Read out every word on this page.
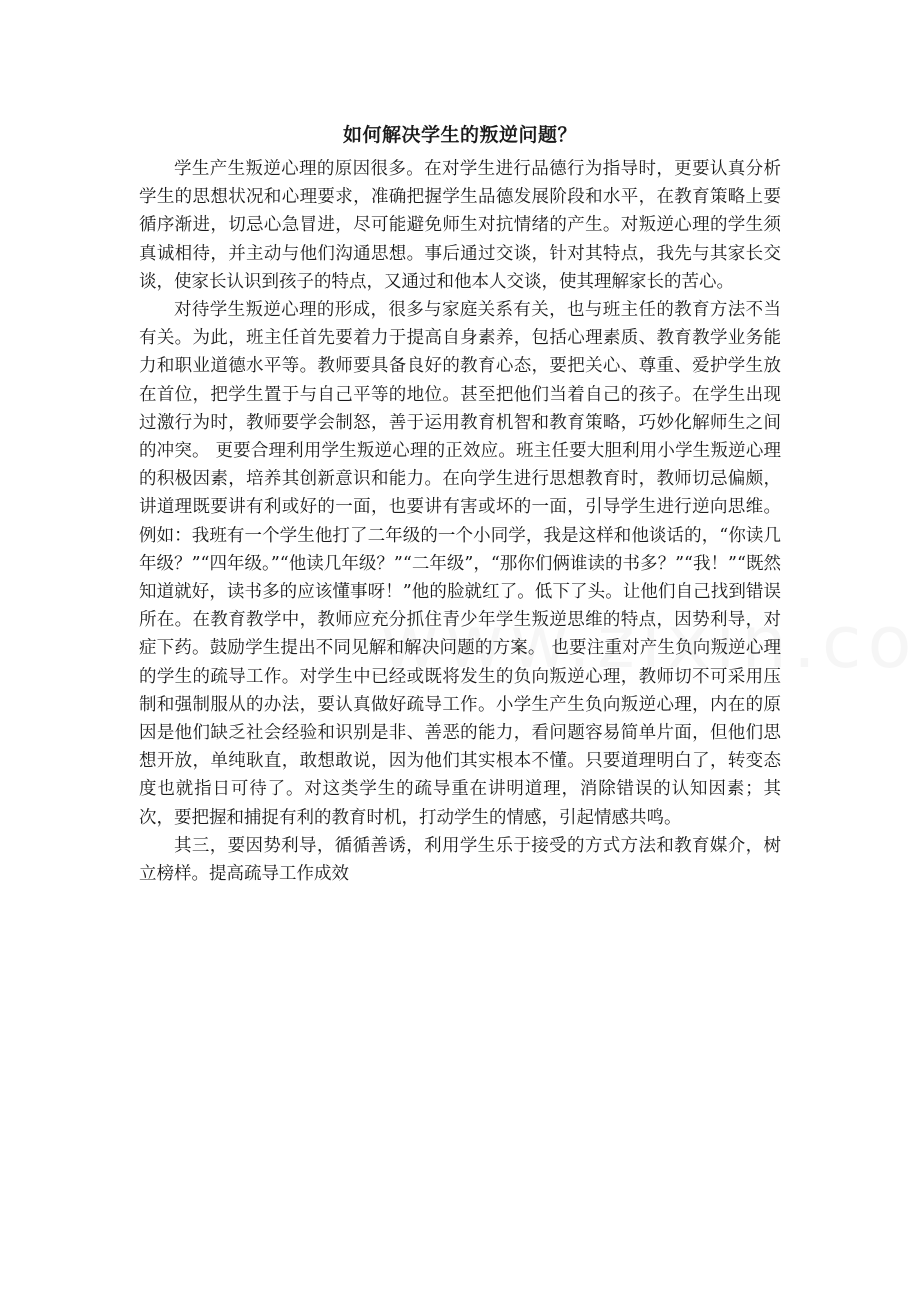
如何解决学生的叛逆问题？

学生产生叛逆心理的原因很多。在对学生进行品德行为指导时，更要认真分析学生的思想状况和心理要求，准确把握学生品德发展阶段和水平，在教育策略上要循序渐进，切忌心急冒进，尽可能避免师生对抗情绪的产生。对叛逆心理的学生须真诚相待，并主动与他们沟通思想。事后通过交谈，针对其特点，我先与其家长交谈，使家长认识到孩子的特点，又通过和他本人交谈，使其理解家长的苦心。

对待学生叛逆心理的形成，很多与家庭关系有关，也与班主任的教育方法不当有关。为此，班主任首先要着力于提高自身素养，包括心理素质、教育教学业务能力和职业道德水平等。教师要具备良好的教育心态，要把关心、尊重、爱护学生放在首位，把学生置于与自己平等的地位。甚至把他们当着自己的孩子。在学生出现过激行为时，教师要学会制怒，善于运用教育机智和教育策略，巧妙化解师生之间的冲突。 更要合理利用学生叛逆心理的正效应。班主任要大胆利用小学生叛逆心理的积极因素，培养其创新意识和能力。在向学生进行思想教育时，教师切忌偏颇，讲道理既要讲有利或好的一面，也要讲有害或坏的一面，引导学生进行逆向思维。例如：我班有一个学生他打了二年级的一个小同学，我是这样和他谈话的，“你读几年级？”“四年级。”“他读几年级？”“二年级”，“那你们俩谁读的书多？”“我！”“既然知道就好，读书多的应该懂事呀！”他的脸就红了。低下了头。让他们自己找到错误所在。在教育教学中，教师应充分抓住青少年学生叛逆思维的特点，因势利导，对症下药。鼓励学生提出不同见解和解决问题的方案。 也要注重对产生负向叛逆心理的学生的疏导工作。对学生中已经或既将发生的负向叛逆心理，教师切不可采用压制和强制服从的办法，要认真做好疏导工作。小学生产生负向叛逆心理，内在的原因是他们缺乏社会经验和识别是非、善恶的能力，看问题容易简单片面，但他们思想开放，单纯耿直，敢想敢说，因为他们其实根本不懂。只要道理明白了，转变态度也就指日可待了。对这类学生的疏导重在讲明道理，消除错误的认知因素；其次，要把握和捕捉有利的教育时机，打动学生的情感，引起情感共鸣。

其三，要因势利导，循循善诱，利用学生乐于接受的方式方法和教育媒介，树立榜样。提高疏导工作成效
